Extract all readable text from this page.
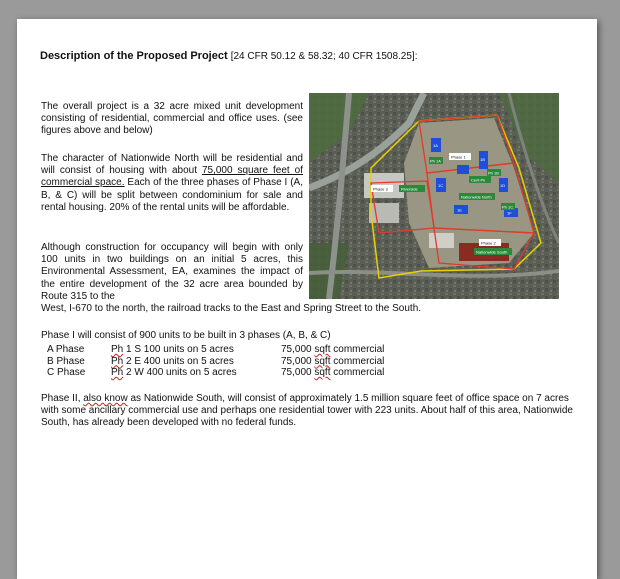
Description of the Proposed Project [24 CFR 50.12 & 58.32; 40 CFR 1508.25]:
The overall project is a 32 acre mixed unit development consisting of residential, commercial and office uses. (see figures above and below)
The character of Nationwide North will be residential and will consist of housing with about 75,000 square feet of commercial space. Each of the three phases of Phase I (A, B, & C) will be split between condominium for sale and rental housing. 20% of the rental units will be affordable.
Although construction for occupancy will begin with only 100 units in two buildings on an initial 5 acres, this Environmental Assessment, EA, examines the impact of the entire development of the 32 acre area bounded by Route 315 to the
West, I-670 to the north, the railroad tracks to the East and Spring Street to the South.
Phase I will consist of 900 units to be built in 3 phases (A, B, & C)
A Phase	Ph 1 S 100 units on 5 acres	75,000 sqft commercial
B Phase	Ph 2 E 400 units on 5 acres	75,000 sqft commercial
C Phase	Ph 2 W 400 units on 5 acres	75,000 sqft commercial
Phase II, also know as Nationwide South, will consist of approximately 1.5 million square feet of office space on 7 acres with some ancillary commercial use and perhaps one residential tower with 223 units. About half of this area, Nationwide South, has already been developed with no federal funds.
Phase 1
Phase 3
Phase 2
Nationwide North
Nationwide South
Cent Pk
Riverside
Ph 1A
Ph 1B
Ph 1C
1A
1B
1C	1D
1E
1F
